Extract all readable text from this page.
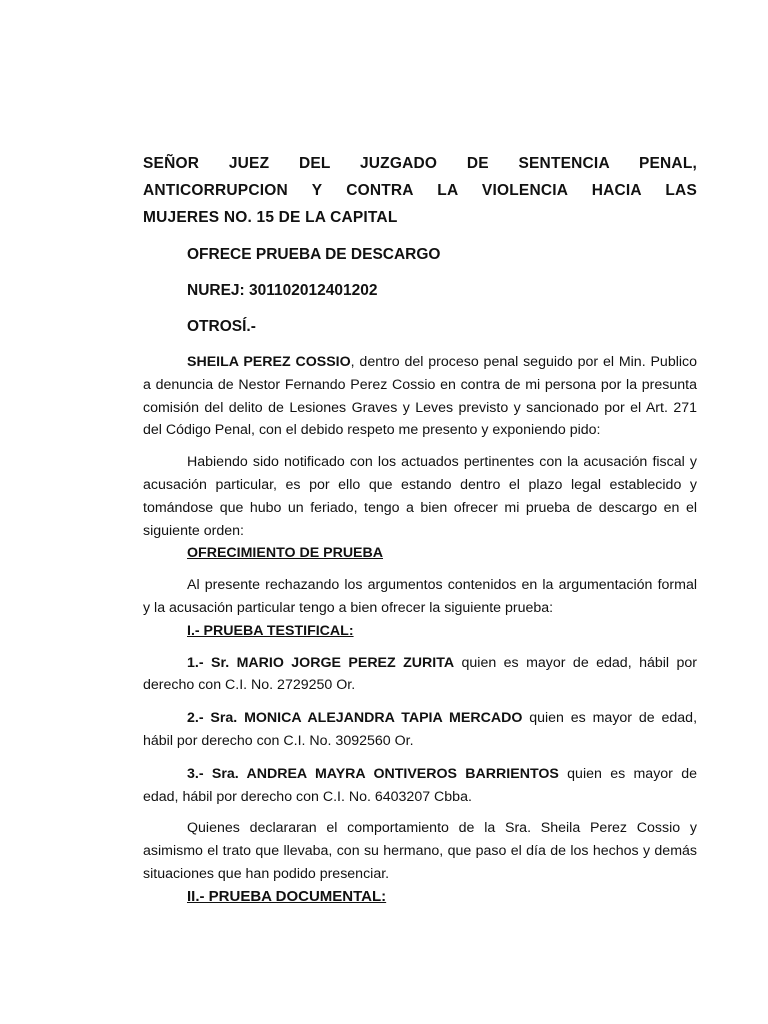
SEÑOR JUEZ DEL JUZGADO DE SENTENCIA PENAL,

ANTICORRUPCION Y CONTRA LA VIOLENCIA HACIA LAS

MUJERES NO. 15 DE LA CAPITAL

OFRECE PRUEBA DE DESCARGO

NUREJ: 301102012401202

OTROSÍ.-

SHEILA PEREZ COSSIO, dentro del proceso penal seguido por el Min. Publico a denuncia de Nestor Fernando Perez Cossio en contra de mi persona por la presunta comisión del delito de Lesiones Graves y Leves previsto y sancionado por el Art. 271 del Código Penal, con el debido respeto me presento y exponiendo pido:

Habiendo sido notificado con los actuados pertinentes con la acusación fiscal y acusación particular, es por ello que estando dentro el plazo legal establecido y tomándose que hubo un feriado, tengo a bien ofrecer mi prueba de descargo en el siguiente orden:

OFRECIMIENTO DE PRUEBA

Al presente rechazando los argumentos contenidos en la argumentación formal y la acusación particular tengo a bien ofrecer la siguiente prueba:

I.- PRUEBA TESTIFICAL:

1.- Sr. MARIO JORGE PEREZ ZURITA quien es mayor de edad, hábil por derecho con C.I. No. 2729250 Or.

2.- Sra. MONICA ALEJANDRA TAPIA MERCADO quien es mayor de edad, hábil por derecho con C.I. No. 3092560 Or.

3.- Sra. ANDREA MAYRA ONTIVEROS BARRIENTOS quien es mayor de edad, hábil por derecho con C.I. No. 6403207 Cbba.

Quienes declararan el comportamiento de la Sra. Sheila Perez Cossio y asimismo el trato que llevaba, con su hermano, que paso el día de los hechos y demás situaciones que han podido presenciar.

II.- PRUEBA DOCUMENTAL:
